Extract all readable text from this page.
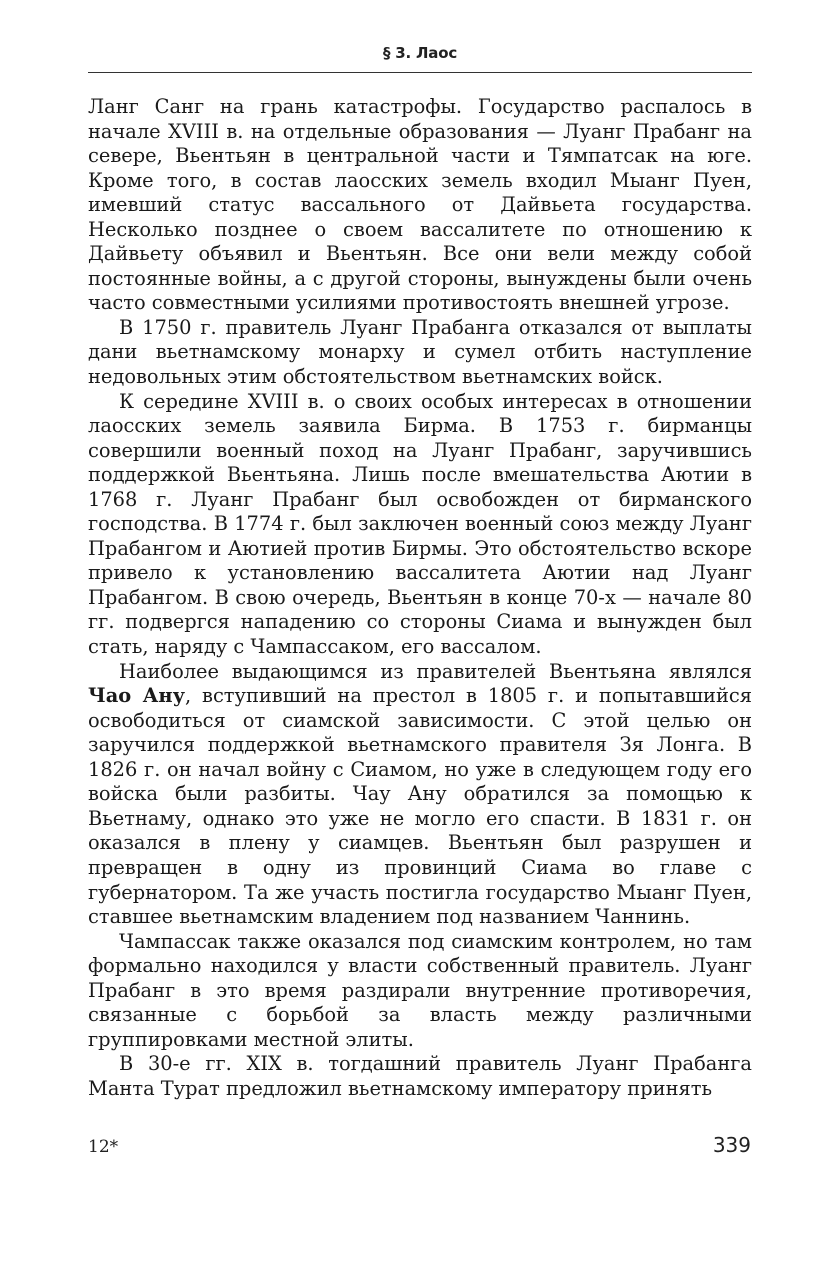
§ 3. Лаос

Ланг Санг на грань катастрофы. Государство распалось в начале XVIII в. на отдельные образования — Луанг Прабанг на севере, Вьентьян в центральной части и Тямпатсак на юге. Кроме того, в состав лаосских земель входил Мыанг Пуен, имевший статус вассального от Дайвьета государства. Несколько позднее о своем вассалитете по отношению к Дайвьету объявил и Вьентьян. Все они вели между собой постоянные войны, а с другой стороны, вынуждены были очень часто совместными усилиями противостоять внешней угрозе.

В 1750 г. правитель Луанг Прабанга отказался от выплаты дани вьетнамскому монарху и сумел отбить наступление недовольных этим обстоятельством вьетнамских войск.

К середине XVIII в. о своих особых интересах в отношении лаосских земель заявила Бирма. В 1753 г. бирманцы совершили военный поход на Луанг Прабанг, заручившись поддержкой Вьентьяна. Лишь после вмешательства Аютии в 1768 г. Луанг Прабанг был освобожден от бирманского господства. В 1774 г. был заключен военный союз между Луанг Прабангом и Аютией против Бирмы. Это обстоятельство вскоре привело к установлению вассалитета Аютии над Луанг Прабангом. В свою очередь, Вьентьян в конце 70-х — начале 80 гг. подвергся нападению со стороны Сиама и вынужден был стать, наряду с Чампассаком, его вассалом.

Наиболее выдающимся из правителей Вьентьяна являлся Чао Ану, вступивший на престол в 1805 г. и попытавшийся освободиться от сиамской зависимости. С этой целью он заручился поддержкой вьетнамского правителя Зя Лонга. В 1826 г. он начал войну с Сиамом, но уже в следующем году его войска были разбиты. Чау Ану обратился за помощью к Вьетнаму, однако это уже не могло его спасти. В 1831 г. он оказался в плену у сиамцев. Вьентьян был разрушен и превращен в одну из провинций Сиама во главе с губернатором. Та же участь постигла государство Мыанг Пуен, ставшее вьетнамским владением под названием Чаннинь.

Чампассак также оказался под сиамским контролем, но там формально находился у власти собственный правитель. Луанг Прабанг в это время раздирали внутренние противоречия, связанные с борьбой за власть между различными группировками местной элиты.

В 30-е гг. XIX в. тогдашний правитель Луанг Прабанга Манта Турат предложил вьетнамскому императору принять

12*	339
